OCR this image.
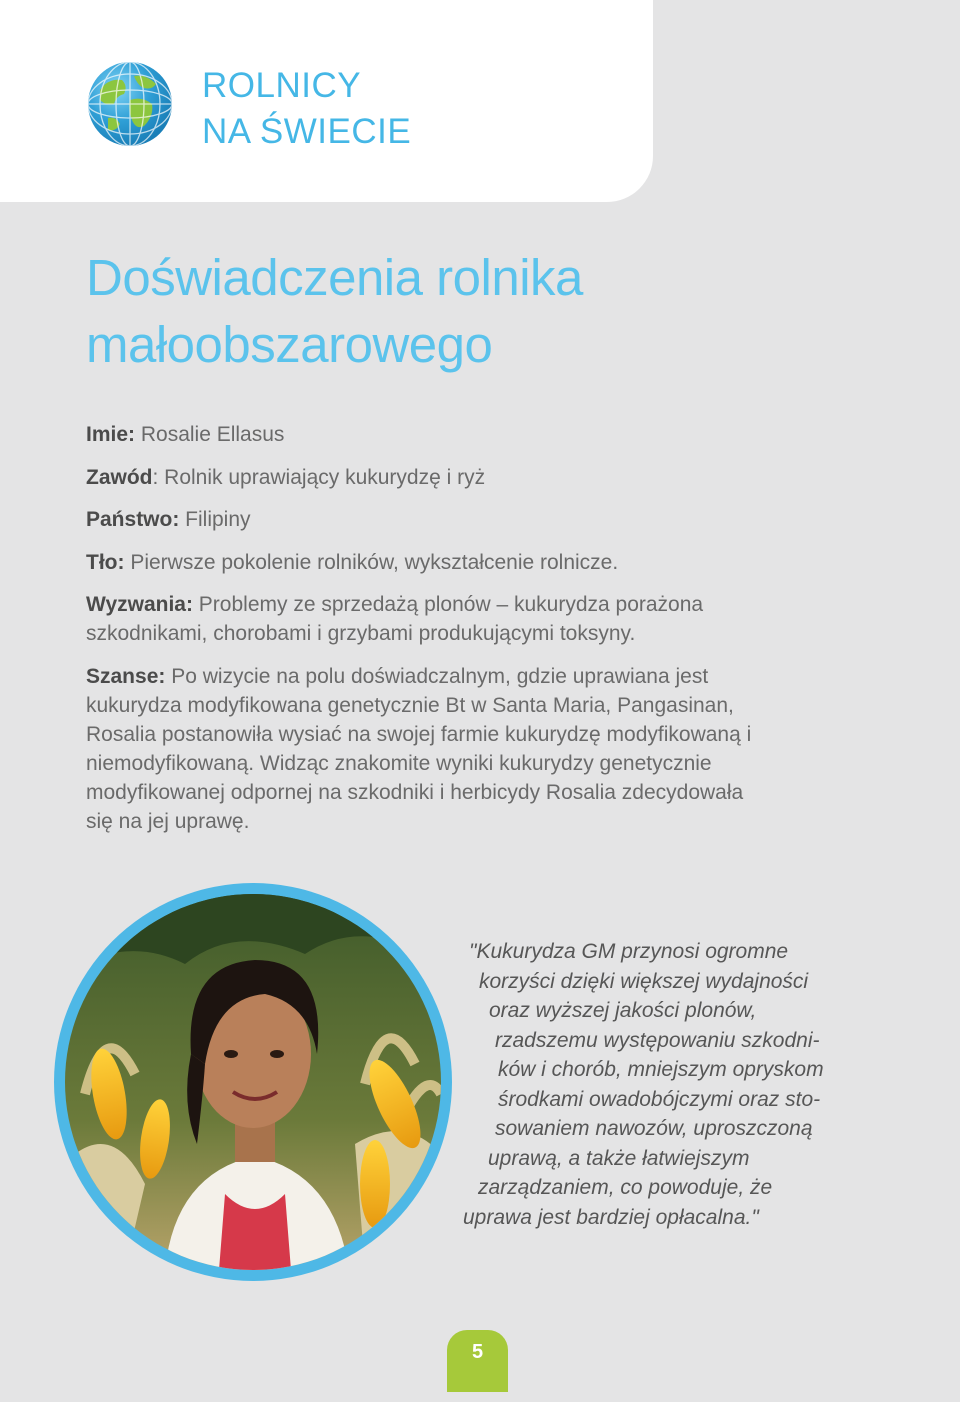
ROLNICY
NA ŚWIECIE
Doświadczenia rolnika
małoobszarowego
Imie: Rosalie Ellasus
Zawód: Rolnik uprawiający kukurydzę i ryż
Państwo: Filipiny
Tło: Pierwsze pokolenie rolników, wykształcenie rolnicze.
Wyzwania: Problemy ze sprzedażą plonów – kukurydza porażona
szkodnikami, chorobami i grzybami produkującymi toksyny.
Szanse: Po wizycie na polu doświadczalnym, gdzie uprawiana jest
kukurydza modyfikowana genetycznie Bt w Santa Maria, Pangasinan,
Rosalia postanowiła wysiać na swojej farmie kukurydzę modyfikowaną i
niemodyfikowaną. Widząc znakomite wyniki kukurydzy genetycznie
modyfikowanej odpornej na szkodniki i herbicydy Rosalia zdecydowała
się na jej uprawę.
"Kukurydza GM przynosi ogromne
korzyści dzięki większej wydajności
oraz wyższej jakości plonów,
rzadszemu występowaniu szkodni-
ków i chorób, mniejszym opryskom
środkami owadobójczymi oraz sto-
sowaniem nawozów, uproszczoną
uprawą, a także łatwiejszym
zarządzaniem, co powoduje, że
uprawa jest bardziej opłacalna."
5
